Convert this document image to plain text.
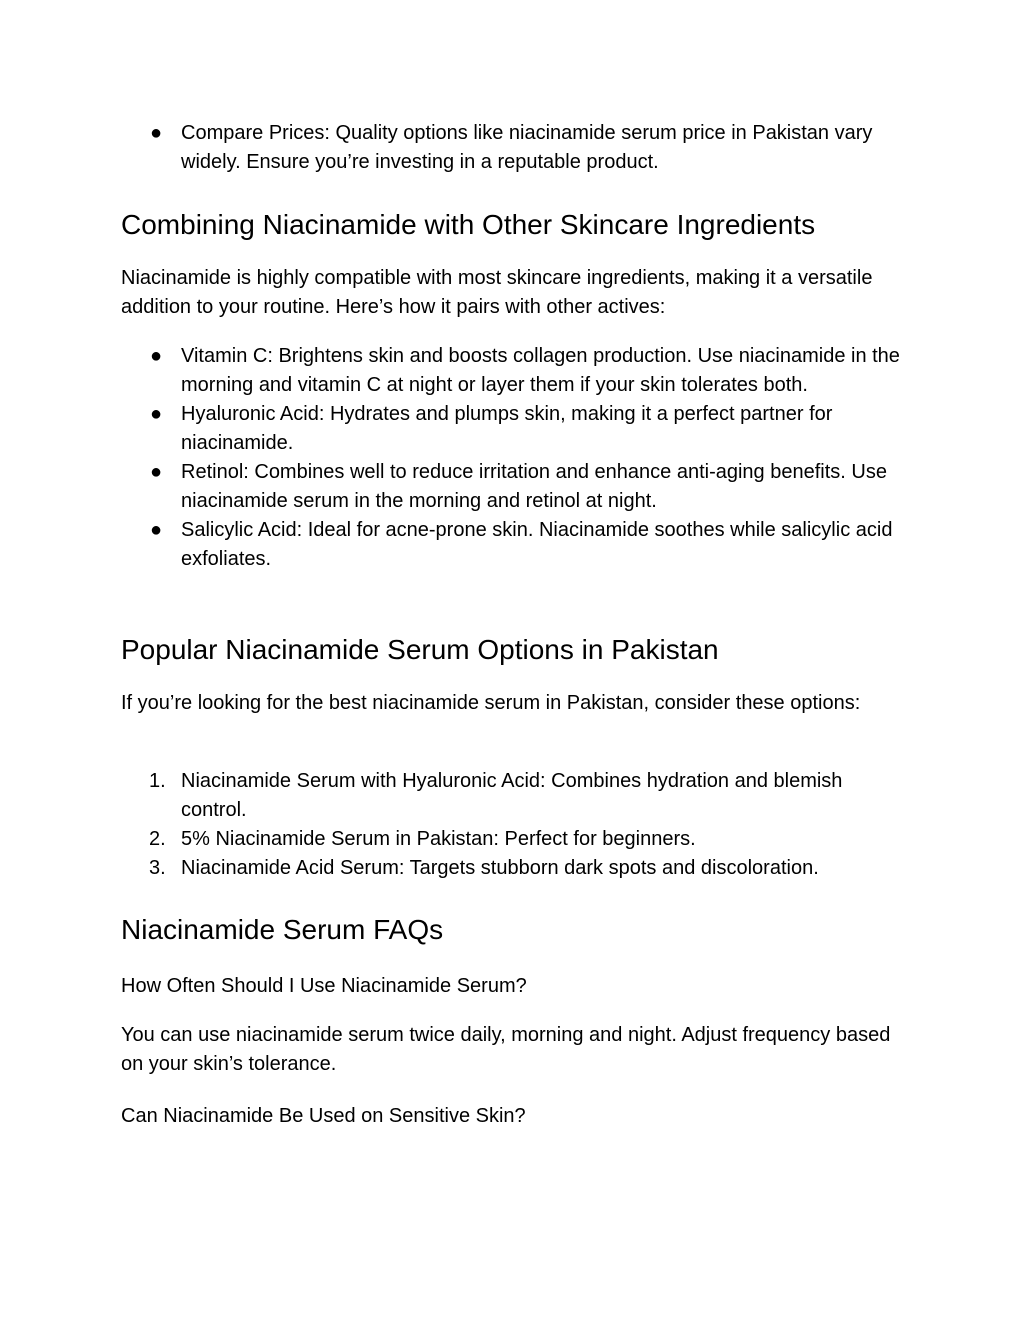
● Compare Prices: Quality options like niacinamide serum price in Pakistan vary widely. Ensure you’re investing in a reputable product.
Combining Niacinamide with Other Skincare Ingredients

Niacinamide is highly compatible with most skincare ingredients, making it a versatile addition to your routine. Here’s how it pairs with other actives:

● Vitamin C: Brightens skin and boosts collagen production. Use niacinamide in the morning and vitamin C at night or layer them if your skin tolerates both.
● Hyaluronic Acid: Hydrates and plumps skin, making it a perfect partner for niacinamide.
● Retinol: Combines well to reduce irritation and enhance anti-aging benefits. Use niacinamide serum in the morning and retinol at night.
● Salicylic Acid: Ideal for acne-prone skin. Niacinamide soothes while salicylic acid exfoliates.
Popular Niacinamide Serum Options in Pakistan

If you’re looking for the best niacinamide serum in Pakistan, consider these options:

1. Niacinamide Serum with Hyaluronic Acid: Combines hydration and blemish control.
2. 5% Niacinamide Serum in Pakistan: Perfect for beginners.
3. Niacinamide Acid Serum: Targets stubborn dark spots and discoloration.
Niacinamide Serum FAQs

How Often Should I Use Niacinamide Serum?

You can use niacinamide serum twice daily, morning and night. Adjust frequency based on your skin’s tolerance.

Can Niacinamide Be Used on Sensitive Skin?
